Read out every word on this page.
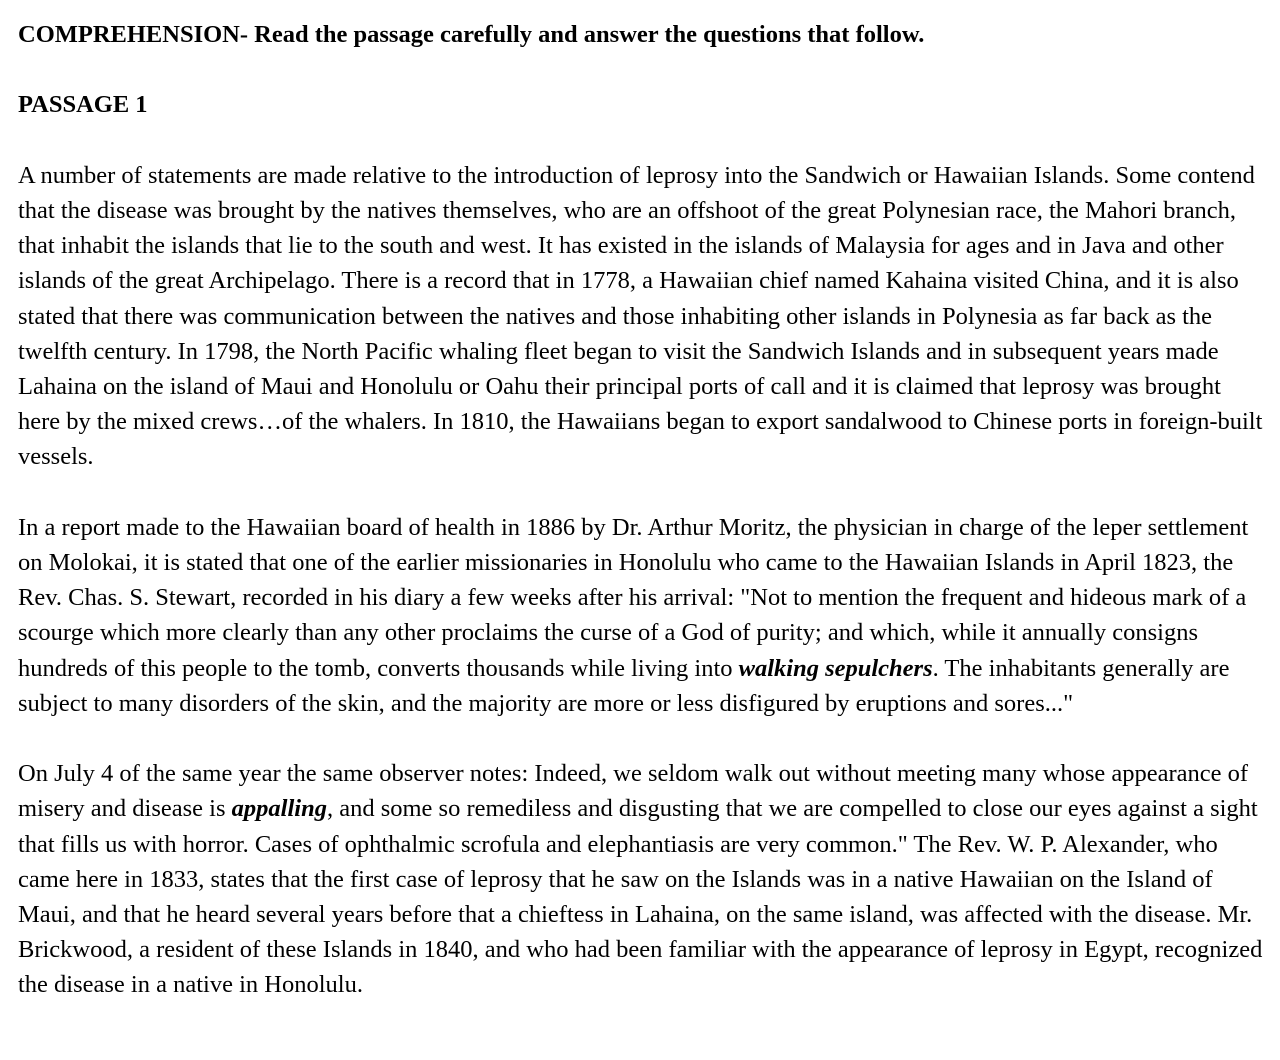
COMPREHENSION- Read the passage carefully and answer the questions that follow.

PASSAGE 1

A number of statements are made relative to the introduction of leprosy into the Sandwich or Hawaiian Islands. Some contend that the disease was brought by the natives themselves, who are an offshoot of the great Polynesian race, the Mahori branch, that inhabit the islands that lie to the south and west. It has existed in the islands of Malaysia for ages and in Java and other islands of the great Archipelago. There is a record that in 1778, a Hawaiian chief named Kahaina visited China, and it is also stated that there was communication between the natives and those inhabiting other islands in Polynesia as far back as the twelfth century. In 1798, the North Pacific whaling fleet began to visit the Sandwich Islands and in subsequent years made Lahaina on the island of Maui and Honolulu or Oahu their principal ports of call and it is claimed that leprosy was brought here by the mixed crews…of the whalers. In 1810, the Hawaiians began to export sandalwood to Chinese ports in foreign-built vessels.

In a report made to the Hawaiian board of health in 1886 by Dr. Arthur Moritz, the physician in charge of the leper settlement on Molokai, it is stated that one of the earlier missionaries in Honolulu who came to the Hawaiian Islands in April 1823, the Rev. Chas. S. Stewart, recorded in his diary a few weeks after his arrival: "Not to mention the frequent and hideous mark of a scourge which more clearly than any other proclaims the curse of a God of purity; and which, while it annually consigns hundreds of this people to the tomb, converts thousands while living into walking sepulchers. The inhabitants generally are subject to many disorders of the skin, and the majority are more or less disfigured by eruptions and sores..."

On July 4 of the same year the same observer notes: Indeed, we seldom walk out without meeting many whose appearance of misery and disease is appalling, and some so remediless and disgusting that we are compelled to close our eyes against a sight that fills us with horror. Cases of ophthalmic scrofula and elephantiasis are very common." The Rev. W. P. Alexander, who came here in 1833, states that the first case of leprosy that he saw on the Islands was in a native Hawaiian on the Island of Maui, and that he heard several years before that a chieftess in Lahaina, on the same island, was affected with the disease. Mr. Brickwood, a resident of these Islands in 1840, and who had been familiar with the appearance of leprosy in Egypt, recognized the disease in a native in Honolulu.
